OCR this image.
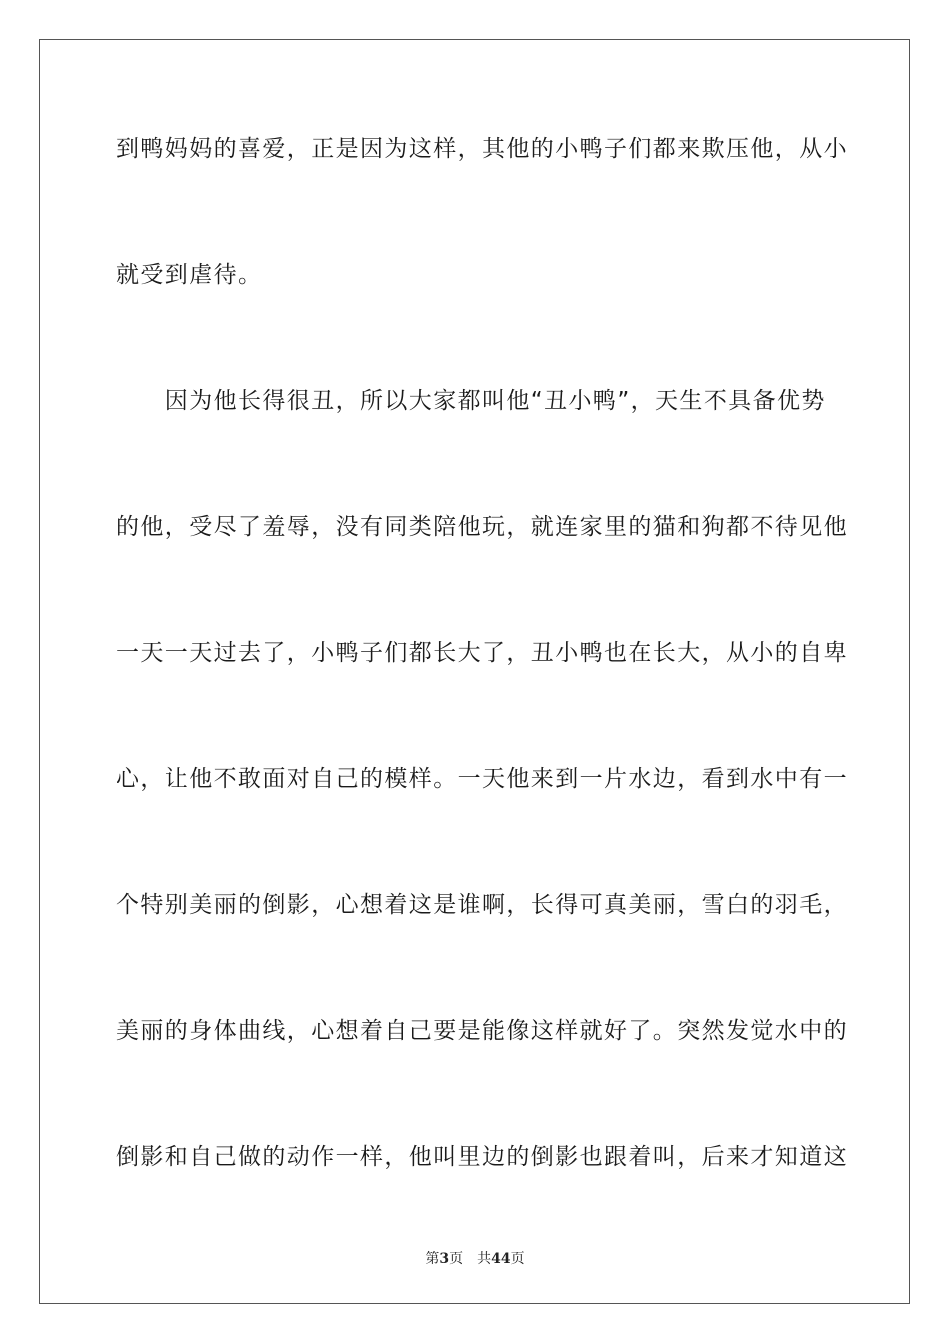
到鸭妈妈的喜爱，正是因为这样，其他的小鸭子们都来欺压他，从小

就受到虐待。

　　因为他长得很丑，所以大家都叫他“丑小鸭”，天生不具备优势

的他，受尽了羞辱，没有同类陪他玩，就连家里的猫和狗都不待见他

一天一天过去了，小鸭子们都长大了，丑小鸭也在长大，从小的自卑

心，让他不敢面对自己的模样。一天他来到一片水边，看到水中有一

个特别美丽的倒影，心想着这是谁啊，长得可真美丽，雪白的羽毛，

美丽的身体曲线，心想着自己要是能像这样就好了。突然发觉水中的

倒影和自己做的动作一样，他叫里边的倒影也跟着叫，后来才知道这

第3页 共44页
